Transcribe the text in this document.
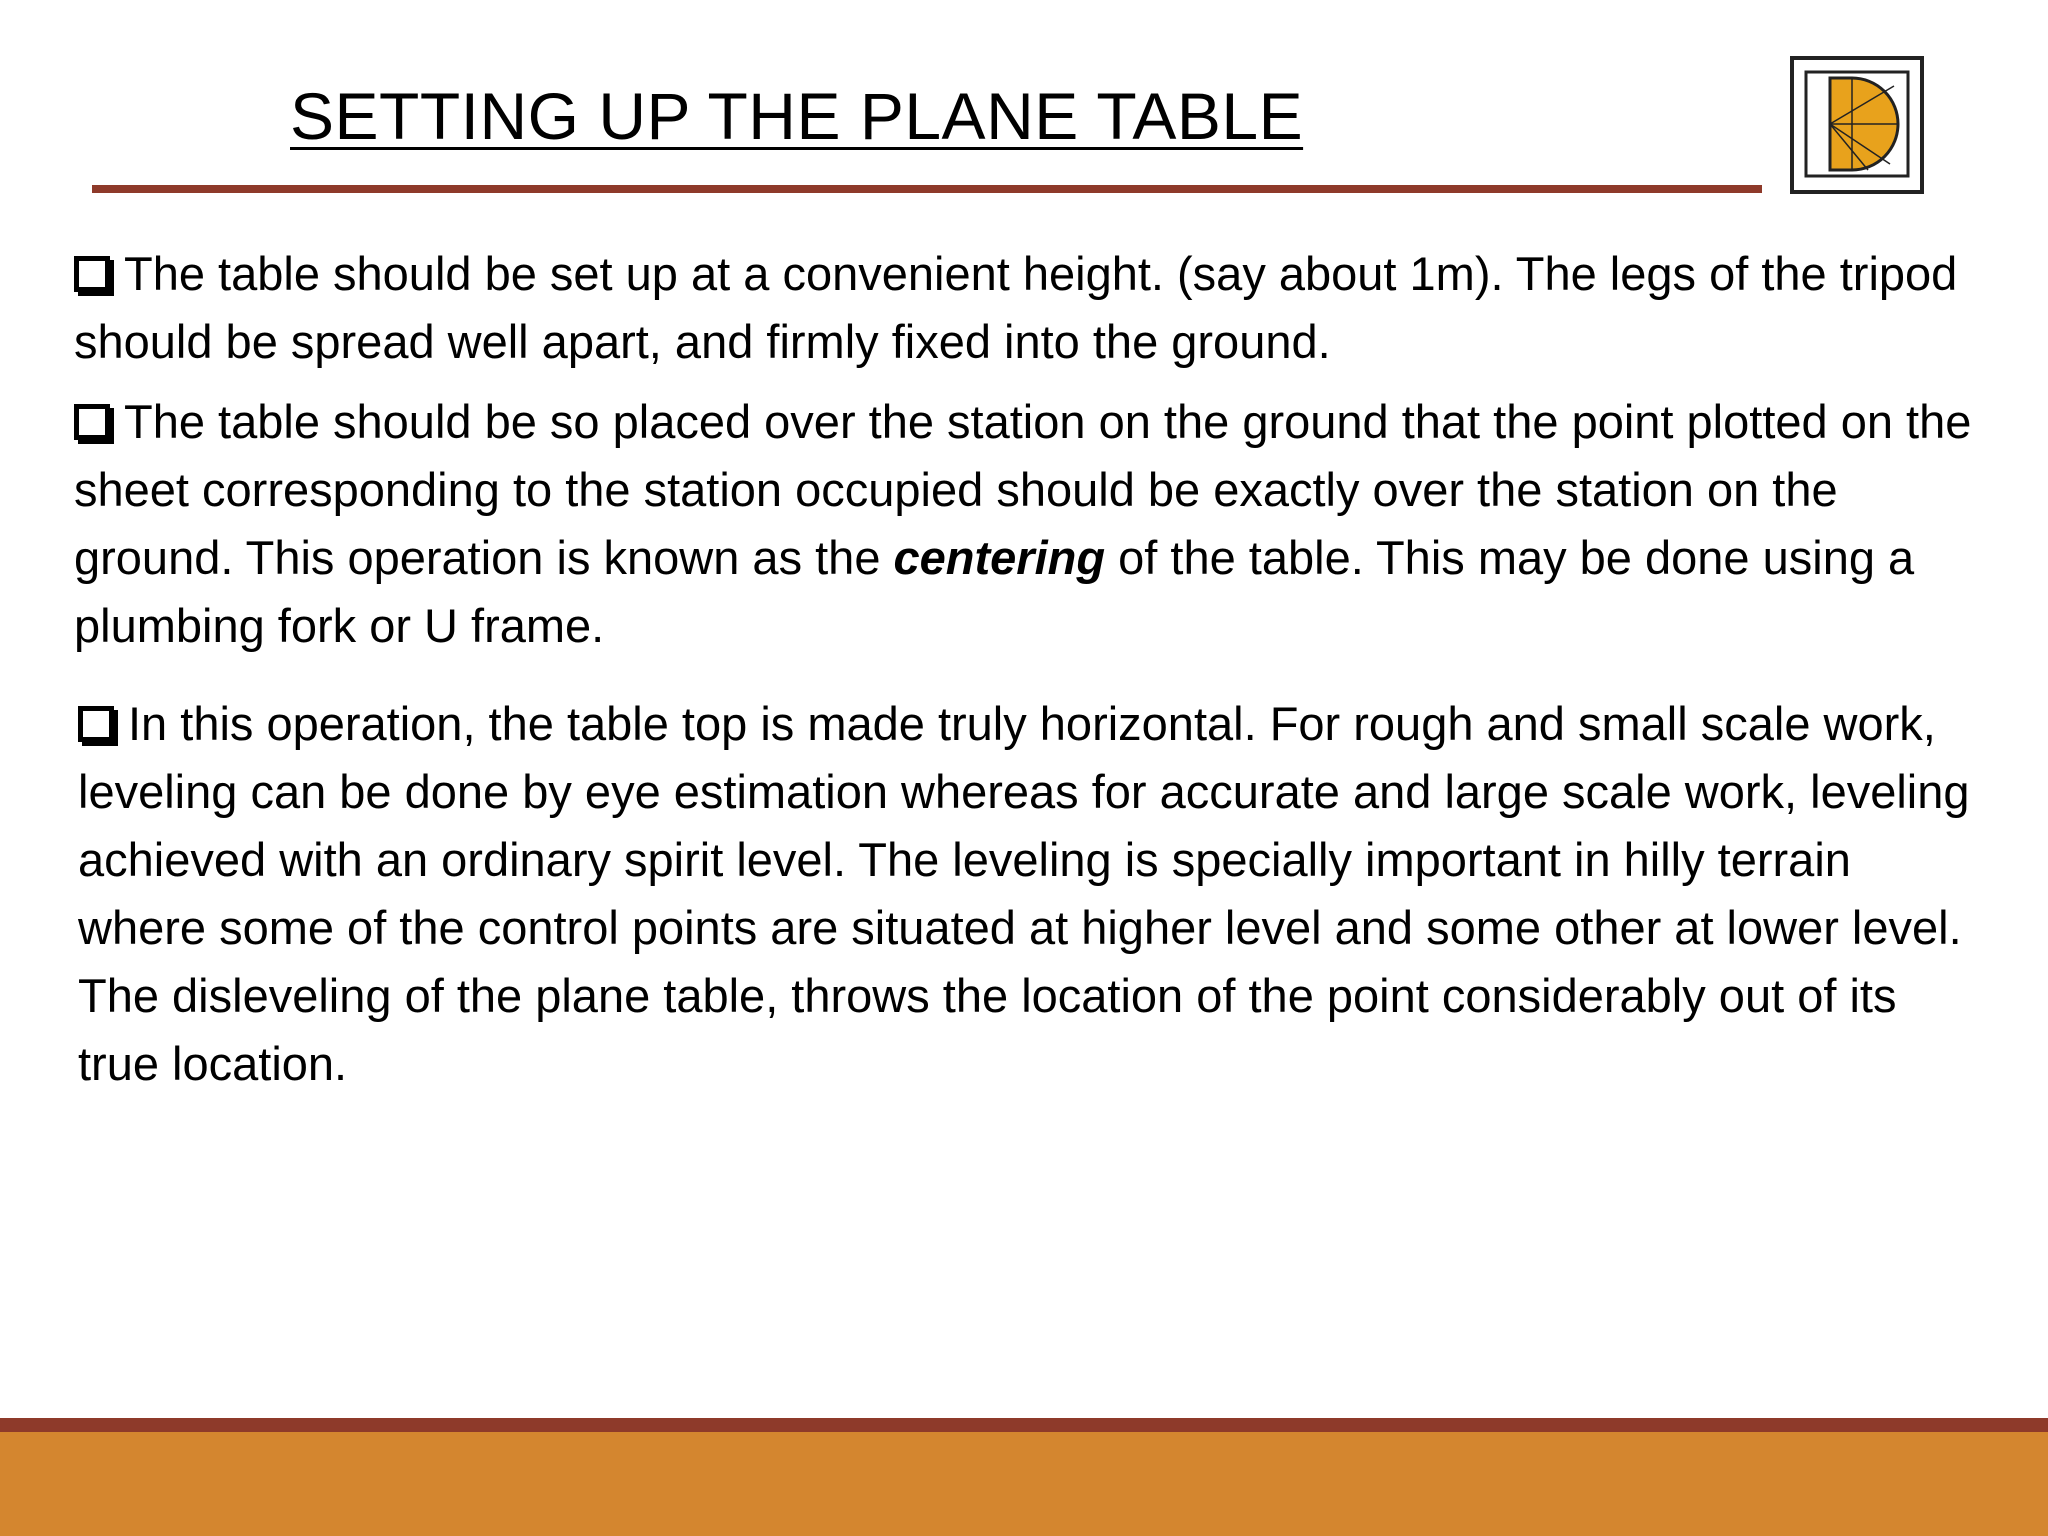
SETTING UP THE PLANE TABLE
Planning and
School of	Architecture
Vijayawada	Estd: 2008

The table should be set up at a convenient height. (say about 1m). The legs of the tripod should be spread well apart, and firmly fixed into the ground.

The table should be so placed over the station on the ground that the point plotted on the sheet corresponding to the station occupied should be exactly over the station on the ground. This operation is known as the centering of the table. This may be done using a plumbing fork or U frame.

In this operation, the table top is made truly horizontal. For rough and small scale work, leveling can be done by eye estimation whereas for accurate and large scale work, leveling achieved with an ordinary spirit level. The leveling is specially important in hilly terrain where some of the control points are situated at higher level and some other at lower level. The disleveling of the plane table, throws the location of the point considerably out of its true location.
